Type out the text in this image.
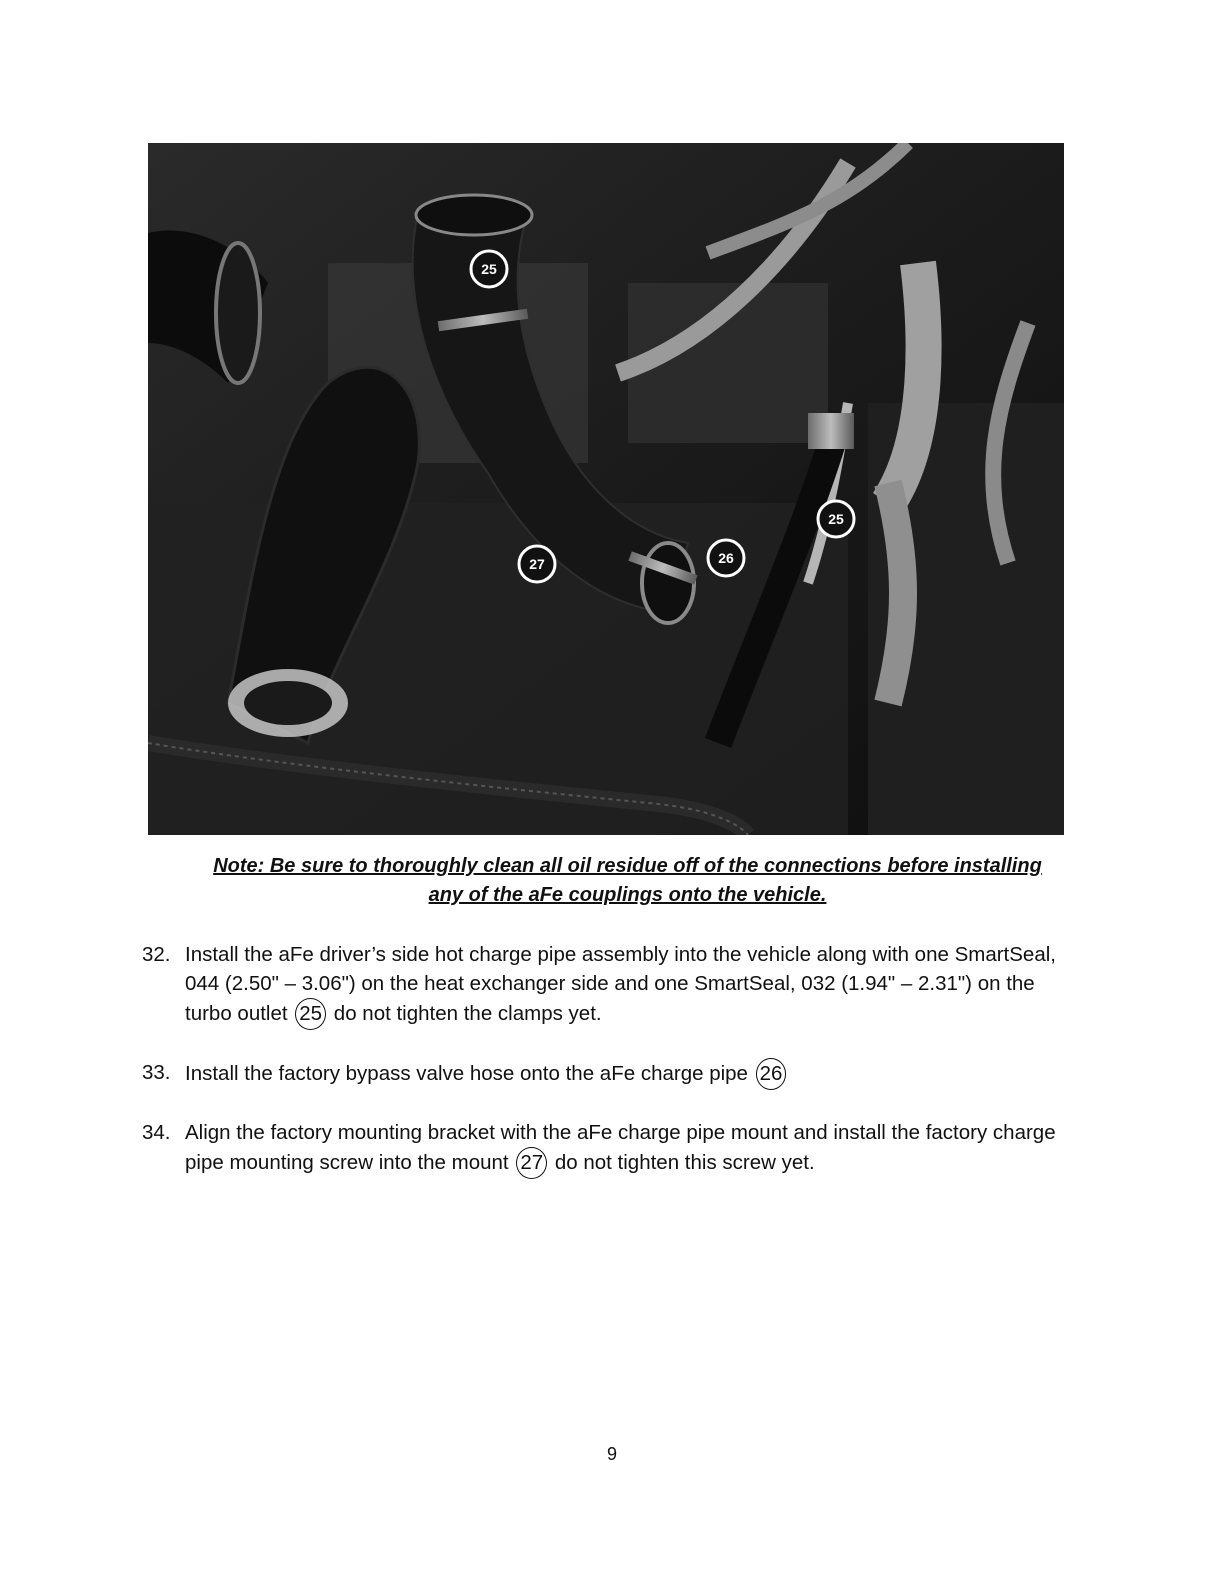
25
25
26
27
Note: Be sure to thoroughly clean all oil residue off of the connections before installing
any of the aFe couplings onto the vehicle.
32. Install the aFe driver’s side hot charge pipe assembly into the vehicle along with one SmartSeal, 044 (2.50" – 3.06") on the heat exchanger side and one SmartSeal, 032 (1.94" – 2.31") on the turbo outlet 25 do not tighten the clamps yet.
33. Install the factory bypass valve hose onto the aFe charge pipe 26
34. Align the factory mounting bracket with the aFe charge pipe mount and install the factory charge pipe mounting screw into the mount 27 do not tighten this screw yet.
9
